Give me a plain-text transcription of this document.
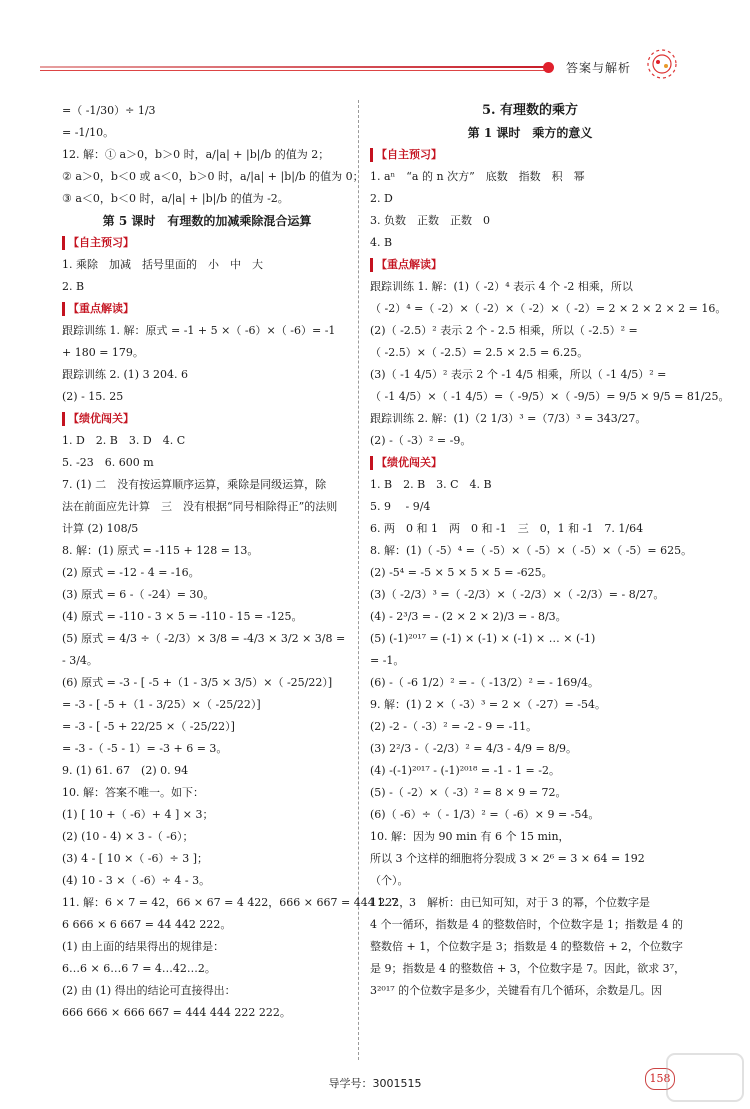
答案与解析
=（ -1/30）÷ 1/3
= -1/10。
12. 解：① a＞0，b＞0 时，a/|a| + |b|/b 的值为 2；
② a＞0，b＜0 或 a＜0，b＞0 时，a/|a| + |b|/b 的值为 0；
③ a＜0，b＜0 时，a/|a| + |b|/b 的值为 -2。
第 5 课时　有理数的加减乘除混合运算
【自主预习】
1. 乘除　加减　括号里面的　小　中　大
2. B
【重点解读】
跟踪训练 1. 解：原式 = -1 + 5 ×（ -6）×（ -6）= -1
+ 180 = 179。
跟踪训练 2. (1) 3 204. 6
(2) - 15. 25
【绩优闯关】
1. D　2. B　3. D　4. C
5. -23　6. 600 m
7. (1) 二　没有按运算顺序运算，乘除是同级运算，除
法在前面应先计算　三　没有根据“同号相除得正”的法则
计算 (2) 108/5
8. 解：(1) 原式 = -115 + 128 = 13。
(2) 原式 = -12 - 4 = -16。
(3) 原式 = 6 -（ -24）= 30。
(4) 原式 = -110 - 3 × 5 = -110 - 15 = -125。
(5) 原式 = 4/3 ÷（ -2/3）× 3/8 = -4/3 × 3/2 × 3/8 =
- 3/4。
(6) 原式 = -3 - [ -5 +（1 - 3/5 × 3/5）×（ -25/22）]
= -3 - [ -5 +（1 - 3/25）×（ -25/22）]
= -3 - [ -5 + 22/25 ×（ -25/22）]
= -3 -（ -5 - 1）= -3 + 6 = 3。
9. (1) 61. 67　(2) 0. 94
10. 解：答案不唯一。如下：
(1) [ 10 +（ -6）+ 4 ] × 3；
(2) (10 - 4) × 3 -（ -6）；
(3) 4 - [ 10 ×（ -6）÷ 3 ]；
(4) 10 - 3 ×（ -6）÷ 4 - 3。
11. 解：6 × 7 = 42，66 × 67 = 4 422，666 × 667 = 444 222，
6 666 × 6 667 = 44 442 222。
(1) 由上面的结果得出的规律是：
6…6 × 6…6 7 = 4…42…2。
(2) 由 (1) 得出的结论可直接得出：
666 666 × 666 667 = 444 444 222 222。
5. 有理数的乘方
第 1 课时　乘方的意义
【自主预习】
1. aⁿ　“a 的 n 次方”　底数　指数　积　幂
2. D
3. 负数　正数　正数　0
4. B
【重点解读】
跟踪训练 1. 解：(1)（ -2）⁴ 表示 4 个 -2 相乘，所以
（ -2）⁴ =（ -2）×（ -2）×（ -2）×（ -2）= 2 × 2 × 2 × 2 = 16。
(2)（ -2.5）² 表示 2 个 - 2.5 相乘，所以（ -2.5）² =
（ -2.5）×（ -2.5）= 2.5 × 2.5 = 6.25。
(3)（ -1 4/5）² 表示 2 个 -1 4/5 相乘，所以（ -1 4/5）² =
（ -1 4/5）×（ -1 4/5）=（ -9/5）×（ -9/5）= 9/5 × 9/5 = 81/25。
跟踪训练 2. 解：(1)（2 1/3）³ =（7/3）³ = 343/27。
(2) -（ -3）² = -9。
【绩优闯关】
1. B　2. B　3. C　4. B
5. 9　 - 9/4
6. 两　0 和 1　两　0 和 -1　三　0，1 和 -1　7. 1/64
8. 解：(1)（ -5）⁴ =（ -5）×（ -5）×（ -5）×（ -5）= 625。
(2) -5⁴ = -5 × 5 × 5 × 5 = -625。
(3)（ -2/3）³ =（ -2/3）×（ -2/3）×（ -2/3）= - 8/27。
(4) - 2³/3 = - (2 × 2 × 2)/3 = - 8/3。
(5) (-1)²⁰¹⁷ = (-1) × (-1) × (-1) × … × (-1)
= -1。
(6) -（ -6 1/2）² = -（ -13/2）² = - 169/4。
9. 解：(1) 2 ×（ -3）³ = 2 ×（ -27）= -54。
(2) -2 -（ -3）² = -2 - 9 = -11。
(3) 2²/3 -（ -2/3）² = 4/3 - 4/9 = 8/9。
(4) -(-1)²⁰¹⁷ - (-1)²⁰¹⁸ = -1 - 1 = -2。
(5) -（ -2）×（ -3）² = 8 × 9 = 72。
(6)（ -6）÷（ - 1/3）² =（ -6）× 9 = -54。
10. 解：因为 90 min 有 6 个 15 min，
所以 3 个这样的细胞将分裂成 3 × 2⁶ = 3 × 64 = 192
（个）。
11. 7　3　解析：由已知可知，对于 3 的幂，个位数字是
4 个一循环，指数是 4 的整数倍时，个位数字是 1；指数是 4 的
整数倍 + 1，个位数字是 3；指数是 4 的整数倍 + 2，个位数字
是 9；指数是 4 的整数倍 + 3，个位数字是 7。因此，欲求 3⁷，
3²⁰¹⁷ 的个位数字是多少，关键看有几个循环，余数是几。因
导学号：3001515	158
